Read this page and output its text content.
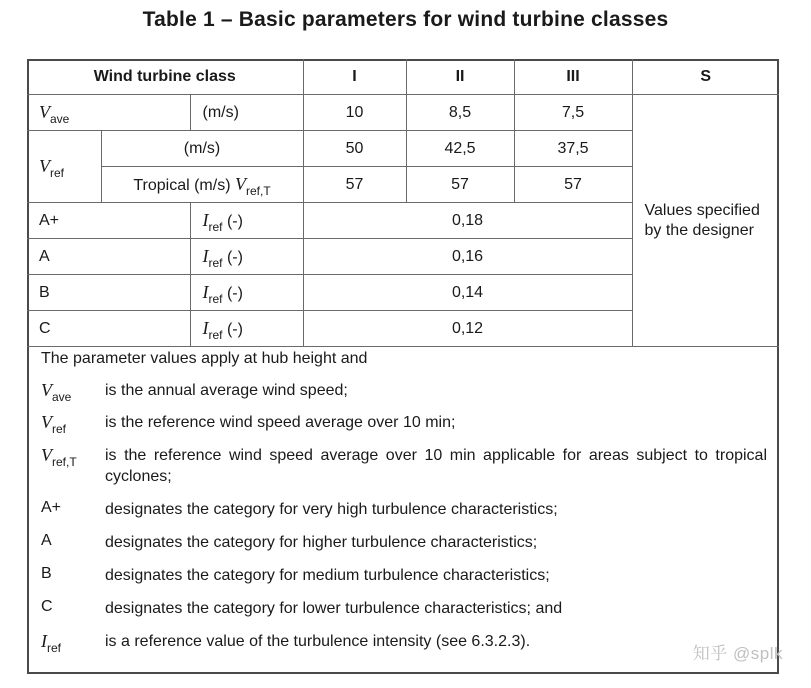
Table 1 – Basic parameters for wind turbine classes
Wind turbine class			I	II	III	S
$V_{ave}$		(m/s)	10	8,5	7,5	Values specified by the designer

$V_{ref}$	(m/s)		50	42,5	37,5	
	Tropical (m/s) $V_{ref,T}$		57	57	57	
A+		$I_{ref}$ (-)	0,18			
A		$I_{ref}$ (-)	0,16			
B		$I_{ref}$ (-)	0,14			
C		$I_{ref}$ (-)	0,12			
The parameter values apply at hub height and
$V_{ave}$	is the annual average wind speed;
$V_{ref}$	is the reference wind speed average over 10 min;
$V_{ref,T}$	is the reference wind speed average over 10 min applicable for areas subject to tropical cyclones;
A+	designates the category for very high turbulence characteristics;
A	designates the category for higher turbulence characteristics;
B	designates the category for medium turbulence characteristics;
C	designates the category for lower turbulence characteristics; and
$I_{ref}$	is a reference value of the turbulence intensity (see 6.3.2.3).
知乎 @splk
